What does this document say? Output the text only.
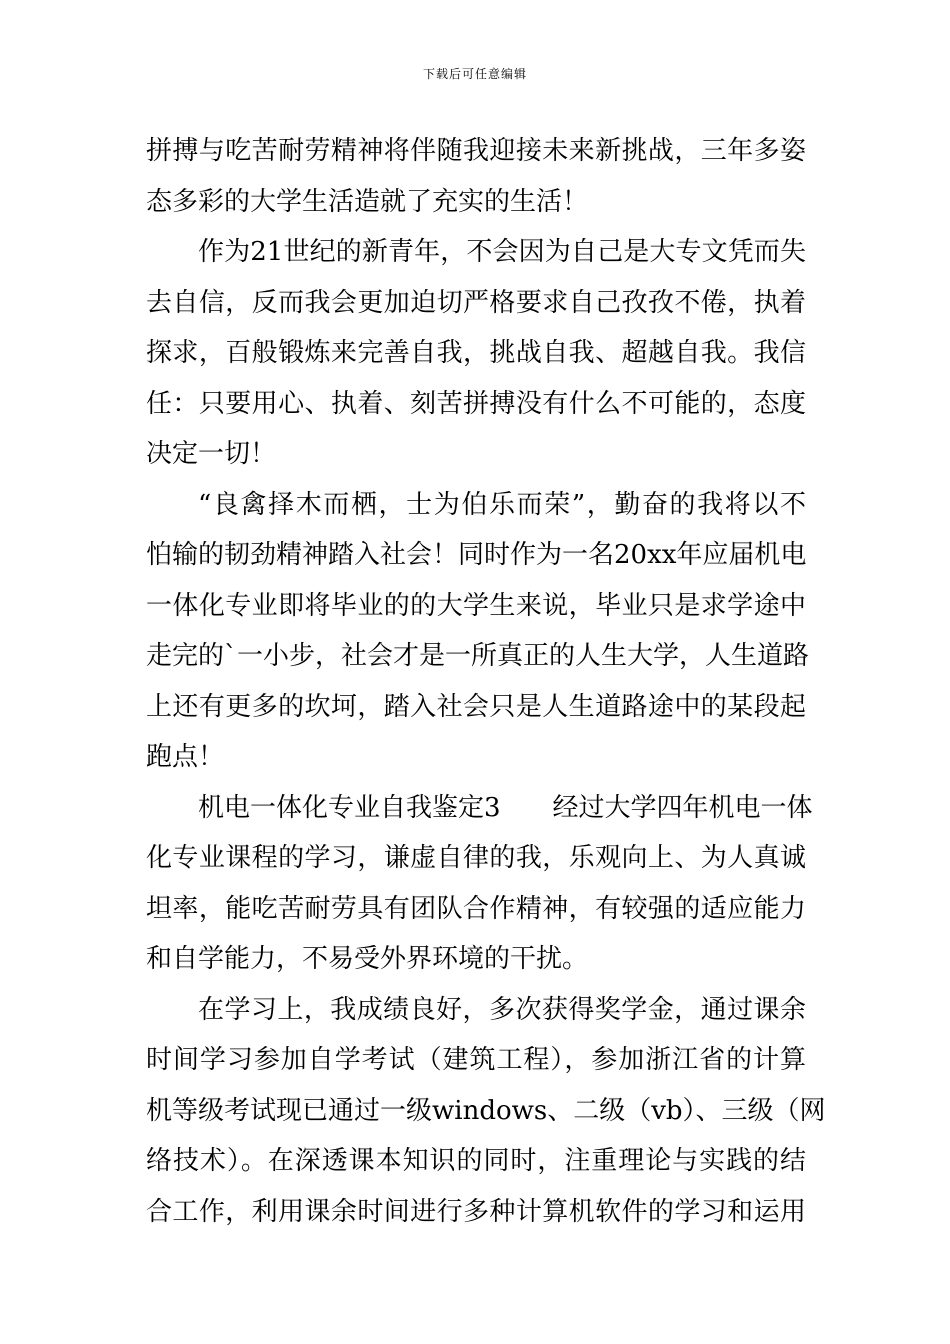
下载后可任意编辑
拼搏与吃苦耐劳精神将伴随我迎接未来新挑战，三年多姿
态多彩的大学生活造就了充实的生活！
作为21世纪的新青年，不会因为自己是大专文凭而失
去自信，反而我会更加迫切严格要求自己孜孜不倦，执着
探求，百般锻炼来完善自我，挑战自我、超越自我。我信
任：只要用心、执着、刻苦拼搏没有什么不可能的，态度
决定一切！
“良禽择木而栖，士为伯乐而荣”，勤奋的我将以不
怕输的韧劲精神踏入社会！同时作为一名20xx年应届机电
一体化专业即将毕业的的大学生来说，毕业只是求学途中
走完的`一小步，社会才是一所真正的人生大学，人生道路
上还有更多的坎坷，踏入社会只是人生道路途中的某段起
跑点！
机电一体化专业自我鉴定3 经过大学四年机电一体
化专业课程的学习，谦虚自律的我，乐观向上、为人真诚
坦率，能吃苦耐劳具有团队合作精神，有较强的适应能力
和自学能力，不易受外界环境的干扰。
在学习上，我成绩良好，多次获得奖学金，通过课余
时间学习参加自学考试（建筑工程），参加浙江省的计算
机等级考试现已通过一级windows、二级（vb）、三级（网
络技术）。在深透课本知识的同时，注重理论与实践的结
合工作，利用课余时间进行多种计算机软件的学习和运用
